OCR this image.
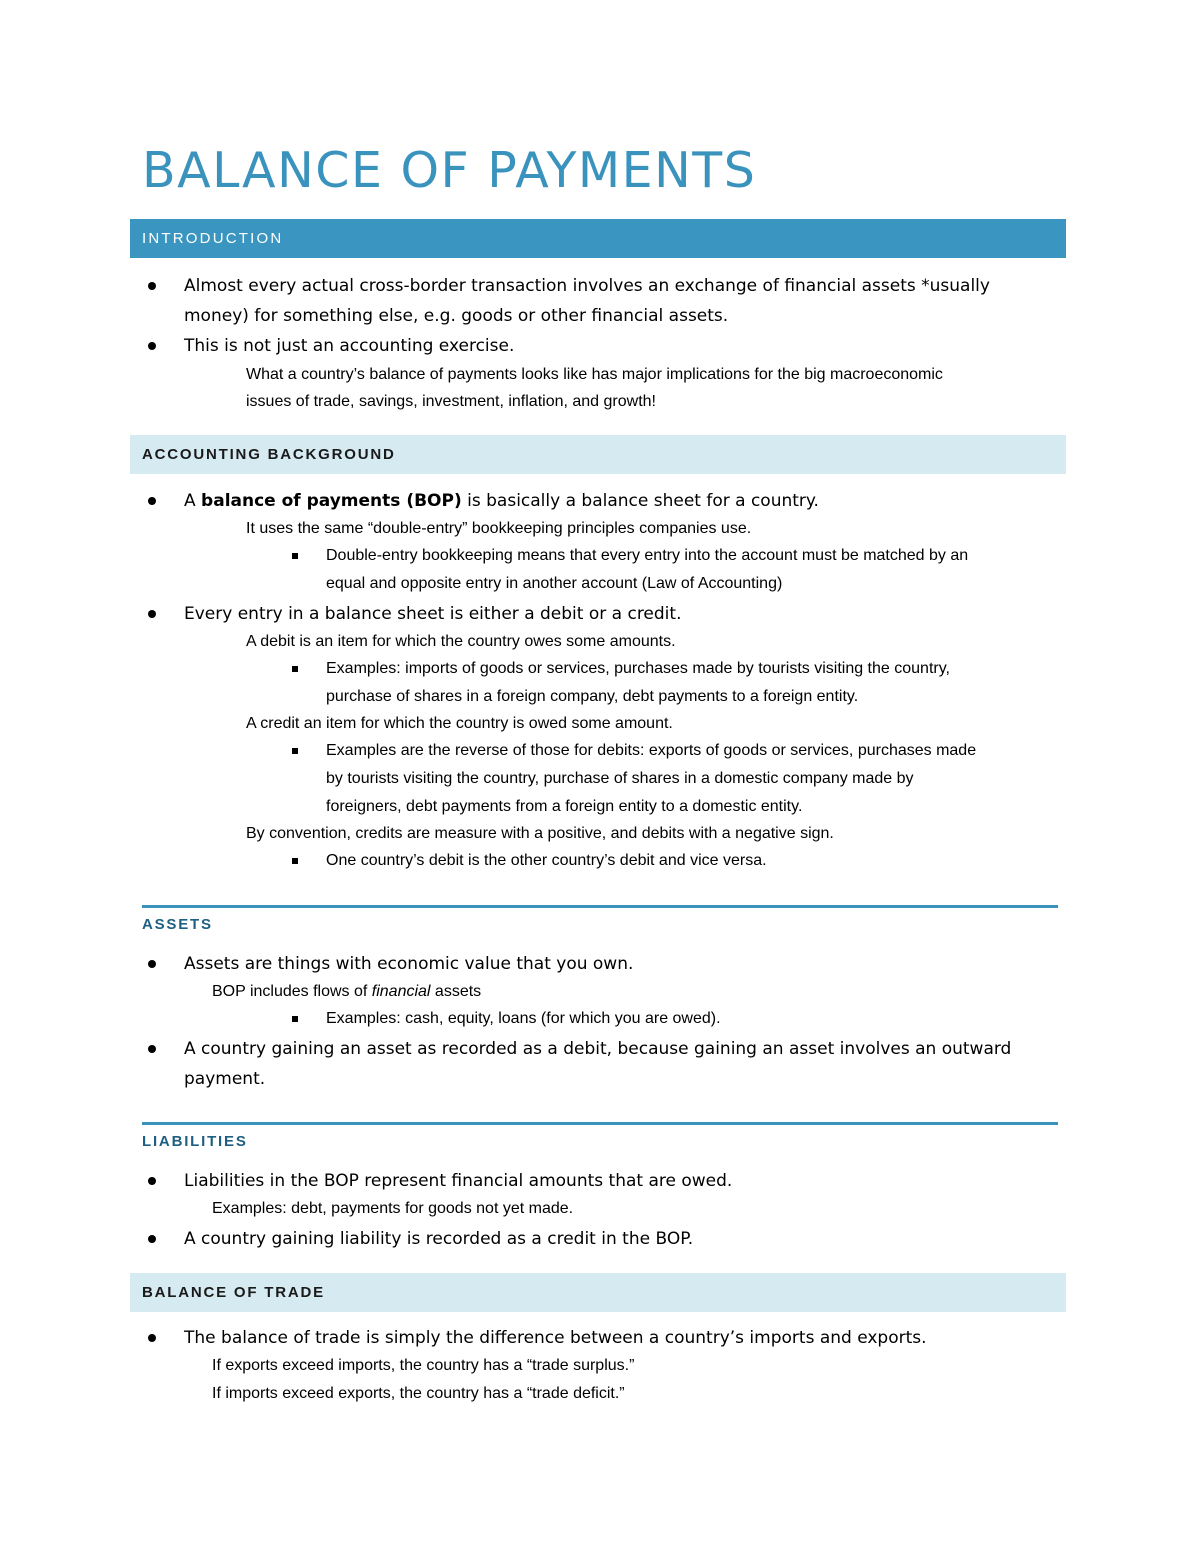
BALANCE OF PAYMENTS
INTRODUCTION
Almost every actual cross-border transaction involves an exchange of financial assets *usually
money) for something else, e.g. goods or other financial assets.
This is not just an accounting exercise.
What a country’s balance of payments looks like has major implications for the big macroeconomic
issues of trade, savings, investment, inflation, and growth!
ACCOUNTING BACKGROUND
A balance of payments (BOP) is basically a balance sheet for a country.
It uses the same “double-entry” bookkeeping principles companies use.
Double-entry bookkeeping means that every entry into the account must be matched by an
equal and opposite entry in another account (Law of Accounting)
Every entry in a balance sheet is either a debit or a credit.
A debit is an item for which the country owes some amounts.
Examples: imports of goods or services, purchases made by tourists visiting the country,
purchase of shares in a foreign company, debt payments to a foreign entity.
A credit an item for which the country is owed some amount.
Examples are the reverse of those for debits: exports of goods or services, purchases made
by tourists visiting the country, purchase of shares in a domestic company made by
foreigners, debt payments from a foreign entity to a domestic entity.
By convention, credits are measure with a positive, and debits with a negative sign.
One country’s debit is the other country’s debit and vice versa.
ASSETS
Assets are things with economic value that you own.
BOP includes flows of financial assets
Examples: cash, equity, loans (for which you are owed).
A country gaining an asset as recorded as a debit, because gaining an asset involves an outward
payment.
LIABILITIES
Liabilities in the BOP represent financial amounts that are owed.
Examples: debt, payments for goods not yet made.
A country gaining liability is recorded as a credit in the BOP.
BALANCE OF TRADE
The balance of trade is simply the difference between a country’s imports and exports.
If exports exceed imports, the country has a “trade surplus.”
If imports exceed exports, the country has a “trade deficit.”
